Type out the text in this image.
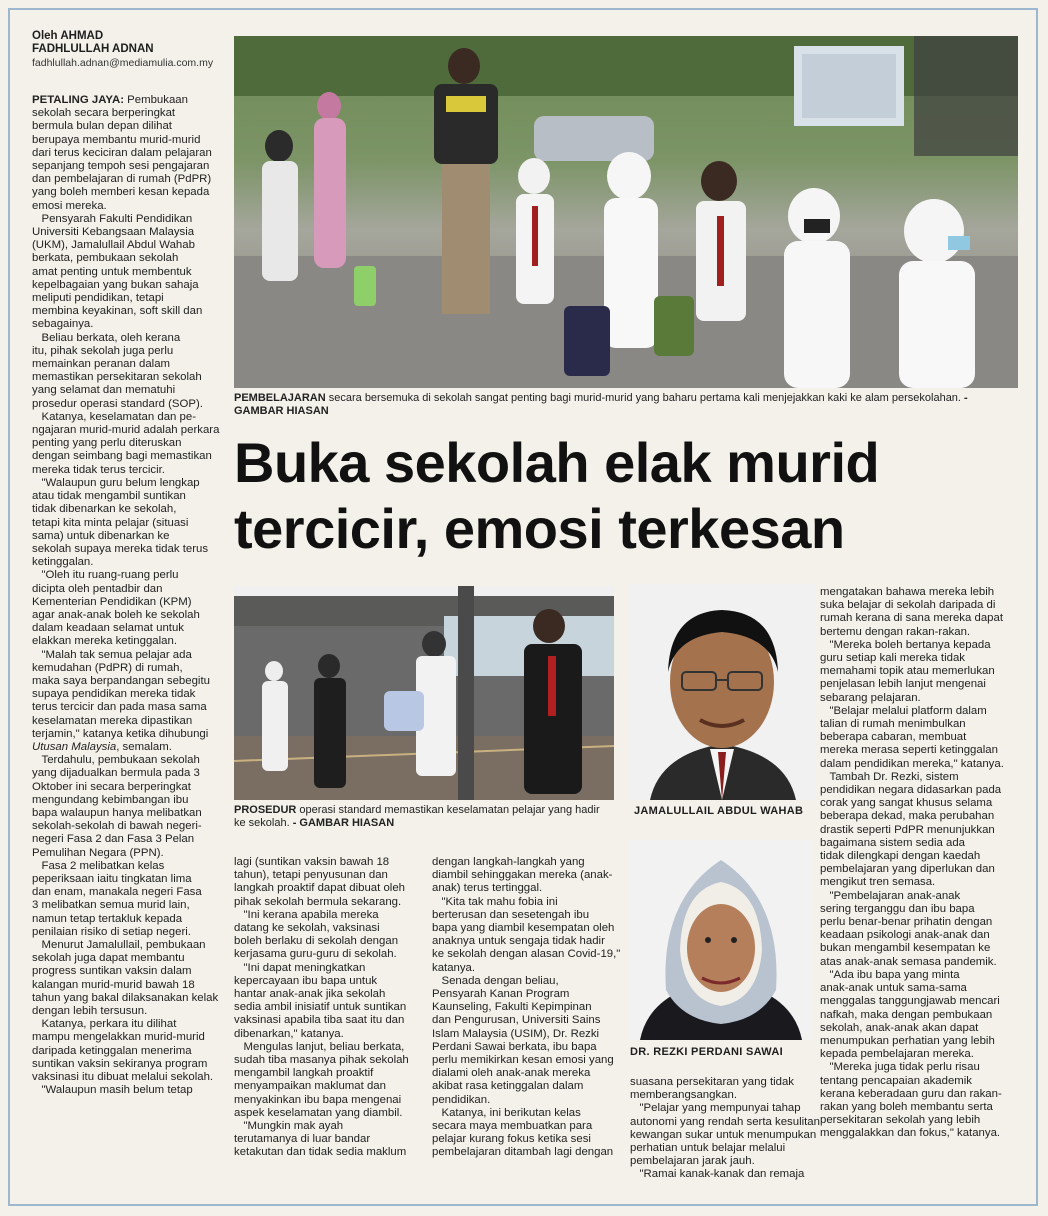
Oleh AHMAD
FADHLULLAH ADNAN
fadhlullah.adnan@mediamulia.com.my
PETALING JAYA: Pembukaan
sekolah secara berperingkat
bermula bulan depan dilihat
berupaya membantu murid-murid
dari terus keciciran dalam pelajaran
sepanjang tempoh sesi pengajaran
dan pembelajaran di rumah (PdPR)
yang boleh memberi kesan kepada
emosi mereka.
Pensyarah Fakulti Pendidikan
Universiti Kebangsaan Malaysia
(UKM), Jamalullail Abdul Wahab
berkata, pembukaan sekolah
amat penting untuk membentuk
kepelbagaian yang bukan sahaja
meliputi pendidikan, tetapi
membina keyakinan, soft skill dan
sebagainya.
Beliau berkata, oleh kerana
itu, pihak sekolah juga perlu
memainkan peranan dalam
memastikan persekitaran sekolah
yang selamat dan mematuhi
prosedur operasi standard (SOP).
Katanya, keselamatan dan pe-
ngajaran murid-murid adalah perkara
penting yang perlu diteruskan
dengan seimbang bagi memastikan
mereka tidak terus tercicir.
"Walaupun guru belum lengkap
atau tidak mengambil suntikan
tidak dibenarkan ke sekolah,
tetapi kita minta pelajar (situasi
sama) untuk dibenarkan ke
sekolah supaya mereka tidak terus
ketinggalan.
"Oleh itu ruang-ruang perlu
dicipta oleh pentadbir dan
Kementerian Pendidikan (KPM)
agar anak-anak boleh ke sekolah
dalam keadaan selamat untuk
elakkan mereka ketinggalan.
"Malah tak semua pelajar ada
kemudahan (PdPR) di rumah,
maka saya berpandangan sebegitu
supaya pendidikan mereka tidak
terus tercicir dan pada masa sama
keselamatan mereka dipastikan
terjamin," katanya ketika dihubungi
Utusan Malaysia, semalam.
Terdahulu, pembukaan sekolah
yang dijadualkan bermula pada 3
Oktober ini secara berperingkat
mengundang kebimbangan ibu
bapa walaupun hanya melibatkan
sekolah-sekolah di bawah negeri-
negeri Fasa 2 dan Fasa 3 Pelan
Pemulihan Negara (PPN).
Fasa 2 melibatkan kelas
peperiksaan iaitu tingkatan lima
dan enam, manakala negeri Fasa
3 melibatkan semua murid lain,
namun tetap tertakluk kepada
penilaian risiko di setiap negeri.
Menurut Jamalullail, pembukaan
sekolah juga dapat membantu
progress suntikan vaksin dalam
kalangan murid-murid bawah 18
tahun yang bakal dilaksanakan kelak
dengan lebih tersusun.
Katanya, perkara itu dilihat
mampu mengelakkan murid-murid
daripada ketinggalan menerima
suntikan vaksin sekiranya program
vaksinasi itu dibuat melalui sekolah.
"Walaupun masih belum tetap
PEMBELAJARAN secara bersemuka di sekolah sangat penting bagi murid-murid yang baharu pertama kali menjejakkan kaki ke alam persekolahan. - GAMBAR HIASAN
Buka sekolah elak murid
tercicir, emosi terkesan
PROSEDUR operasi standard memastikan keselamatan pelajar yang hadir ke sekolah. - GAMBAR HIASAN
JAMALULLAIL ABDUL WAHAB
DR. REZKI PERDANI SAWAI
lagi (suntikan vaksin bawah 18
tahun), tetapi penyusunan dan
langkah proaktif dapat dibuat oleh
pihak sekolah bermula sekarang.
"Ini kerana apabila mereka
datang ke sekolah, vaksinasi
boleh berlaku di sekolah dengan
kerjasama guru-guru di sekolah.
"Ini dapat meningkatkan
kepercayaan ibu bapa untuk
hantar anak-anak jika sekolah
sedia ambil inisiatif untuk suntikan
vaksinasi apabila tiba saat itu dan
dibenarkan," katanya.
Mengulas lanjut, beliau berkata,
sudah tiba masanya pihak sekolah
mengambil langkah proaktif
menyampaikan maklumat dan
menyakinkan ibu bapa mengenai
aspek keselamatan yang diambil.
"Mungkin mak ayah
terutamanya di luar bandar
ketakutan dan tidak sedia maklum
dengan langkah-langkah yang
diambil sehinggakan mereka (anak-
anak) terus tertinggal.
"Kita tak mahu fobia ini
berterusan dan sesetengah ibu
bapa yang diambil kesempatan oleh
anaknya untuk sengaja tidak hadir
ke sekolah dengan alasan Covid-19,"
katanya.
Senada dengan beliau,
Pensyarah Kanan Program
Kaunseling, Fakulti Kepimpinan
dan Pengurusan, Universiti Sains
Islam Malaysia (USIM), Dr. Rezki
Perdani Sawai berkata, ibu bapa
perlu memikirkan kesan emosi yang
dialami oleh anak-anak mereka
akibat rasa ketinggalan dalam
pendidikan.
Katanya, ini berikutan kelas
secara maya membuatkan para
pelajar kurang fokus ketika sesi
pembelajaran ditambah lagi dengan
suasana persekitaran yang tidak
memberangsangkan.
"Pelajar yang mempunyai tahap
autonomi yang rendah serta kesulitan
kewangan sukar untuk menumpukan
perhatian untuk belajar melalui
pembelajaran jarak jauh.
"Ramai kanak-kanak dan remaja
mengatakan bahawa mereka lebih
suka belajar di sekolah daripada di
rumah kerana di sana mereka dapat
bertemu dengan rakan-rakan.
"Mereka boleh bertanya kepada
guru setiap kali mereka tidak
memahami topik atau memerlukan
penjelasan lebih lanjut mengenai
sebarang pelajaran.
"Belajar melalui platform dalam
talian di rumah menimbulkan
beberapa cabaran, membuat
mereka merasa seperti ketinggalan
dalam pendidikan mereka," katanya.
Tambah Dr. Rezki, sistem
pendidikan negara didasarkan pada
corak yang sangat khusus selama
beberapa dekad, maka perubahan
drastik seperti PdPR menunjukkan
bagaimana sistem sedia ada
tidak dilengkapi dengan kaedah
pembelajaran yang diperlukan dan
mengikut tren semasa.
"Pembelajaran anak-anak
sering terganggu dan ibu bapa
perlu benar-benar prihatin dengan
keadaan psikologi anak-anak dan
bukan mengambil kesempatan ke
atas anak-anak semasa pandemik.
"Ada ibu bapa yang minta
anak-anak untuk sama-sama
menggalas tanggungjawab mencari
nafkah, maka dengan pembukaan
sekolah, anak-anak akan dapat
menumpukan perhatian yang lebih
kepada pembelajaran mereka.
"Mereka juga tidak perlu risau
tentang pencapaian akademik
kerana keberadaan guru dan rakan-
rakan yang boleh membantu serta
persekitaran sekolah yang lebih
menggalakkan dan fokus," katanya.
